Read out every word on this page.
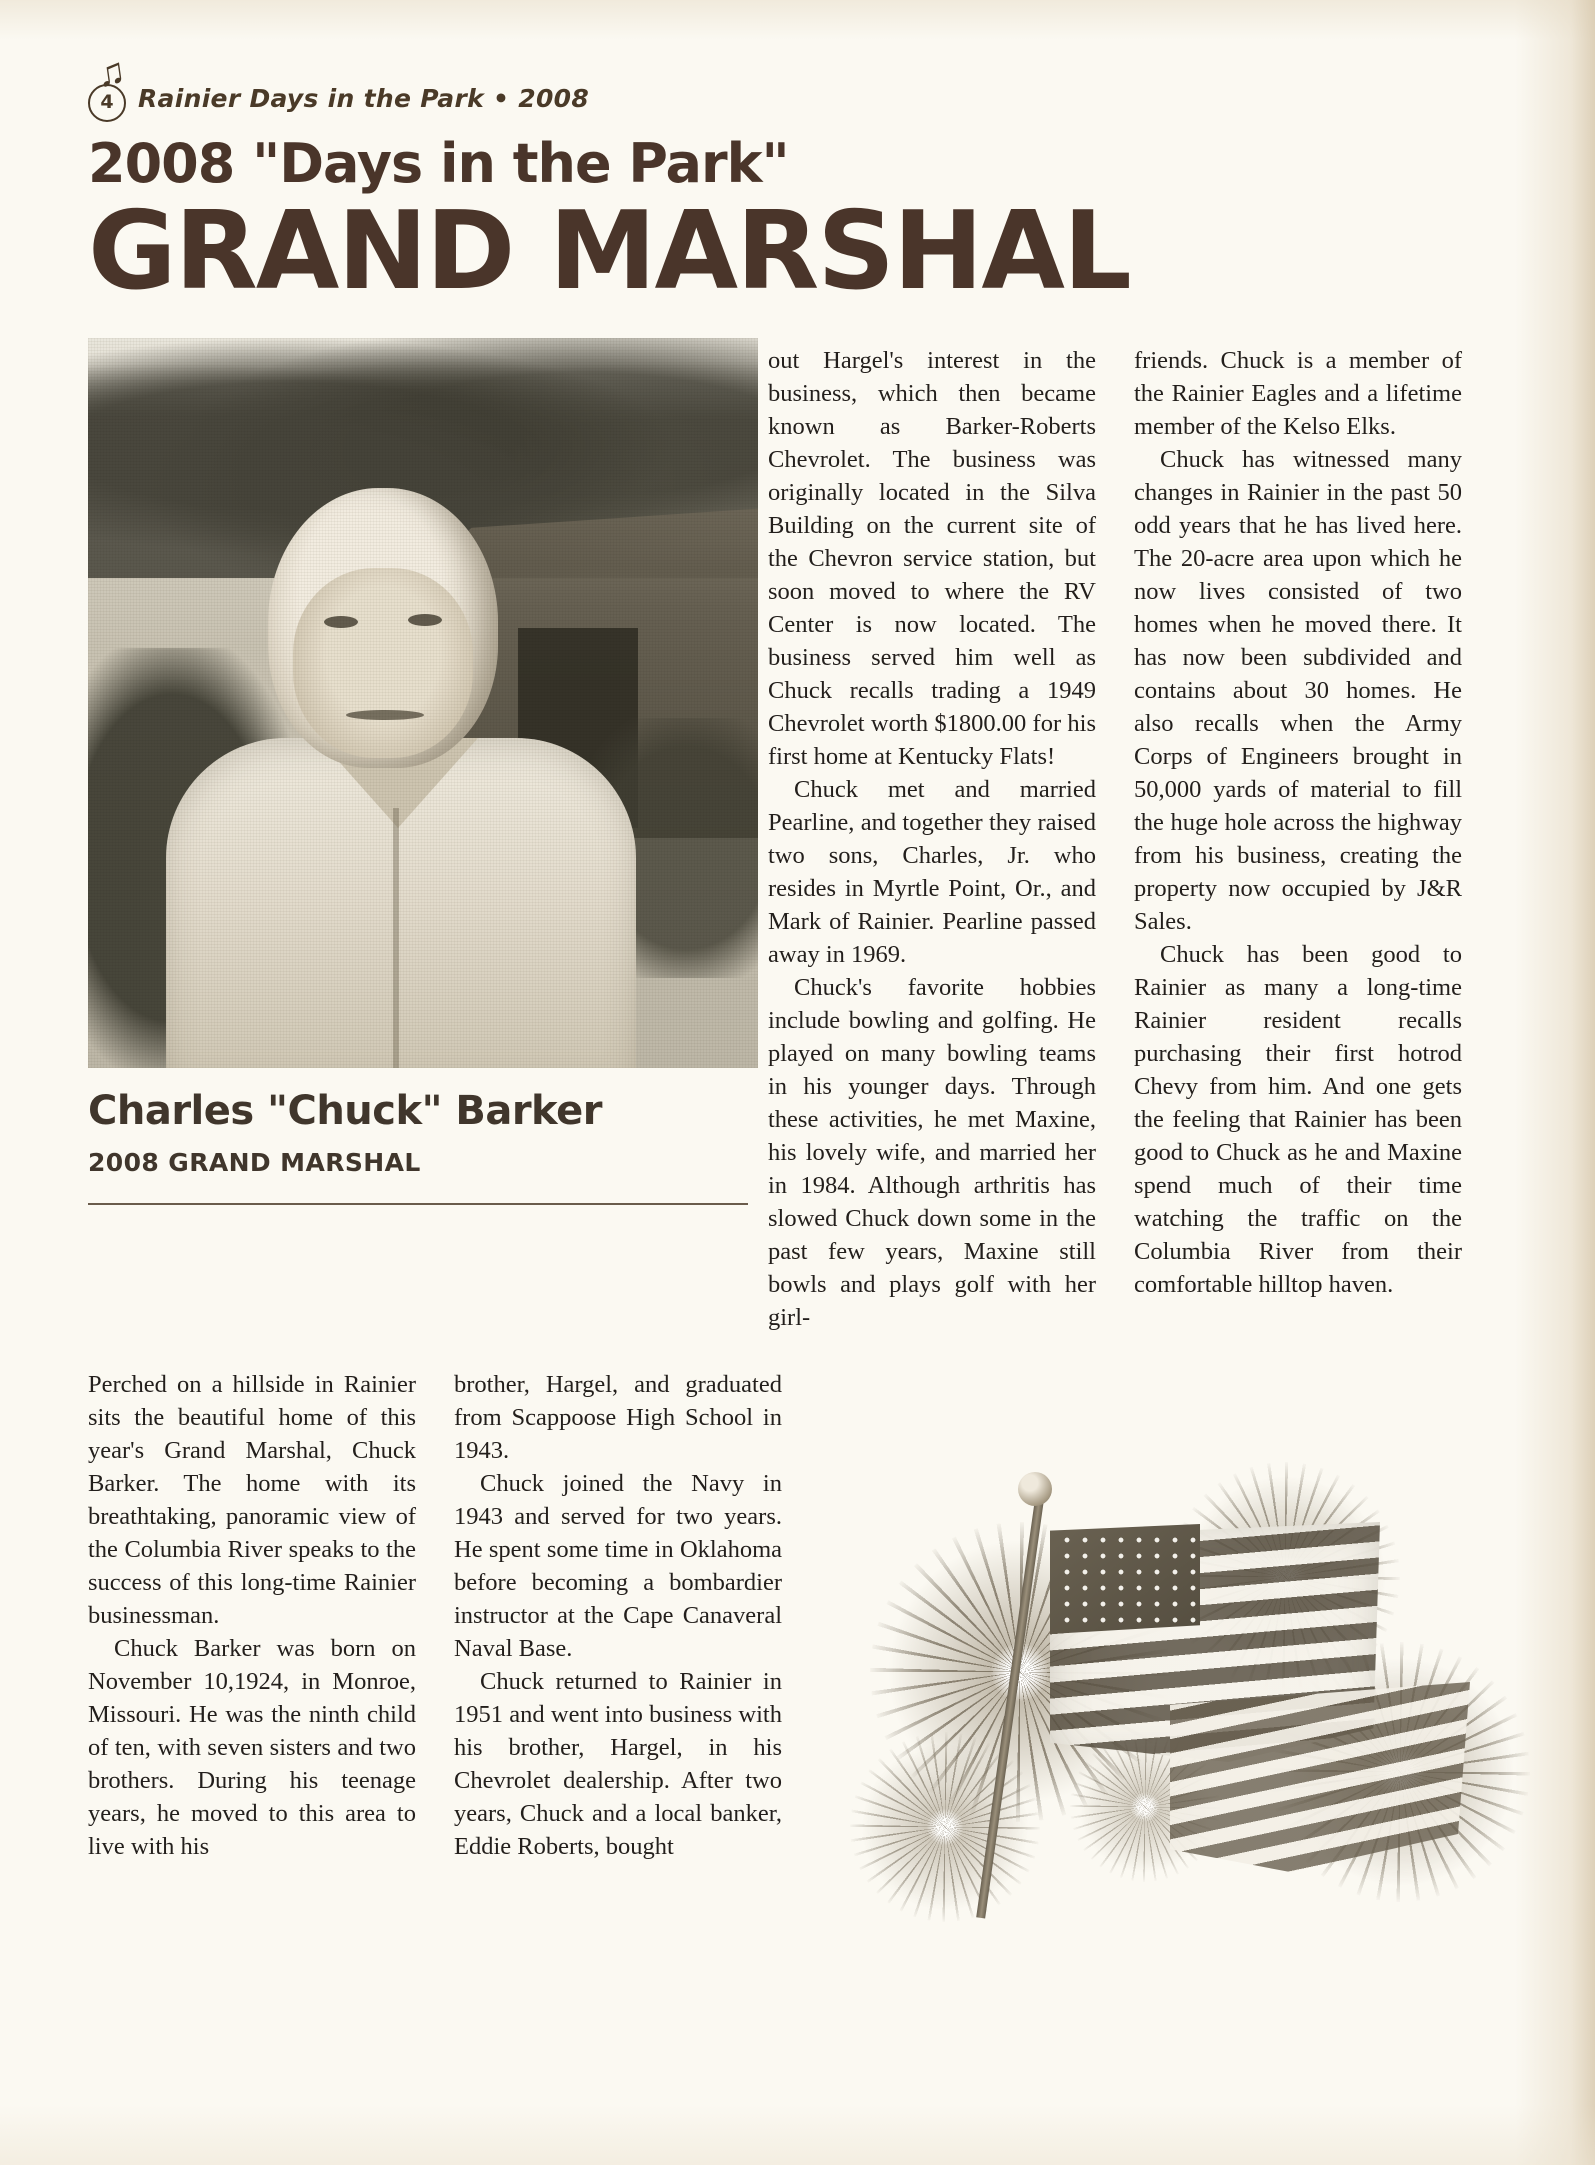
♫
4 Rainier Days in the Park • 2008
2008 "Days in the Park"
GRAND MARSHAL
Charles "Chuck" Barker
2008 GRAND MARSHAL

out Hargel's interest in the business, which then became known as Barker-Roberts Chevrolet. The business was originally located in the Silva Building on the current site of the Chevron service station, but soon moved to where the RV Center is now located. The business served him well as Chuck recalls trading a 1949 Chevrolet worth $1800.00 for his first home at Kentucky Flats!

Chuck met and married Pearline, and together they raised two sons, Charles, Jr. who resides in Myrtle Point, Or., and Mark of Rainier. Pearline passed away in 1969.

Chuck's favorite hobbies include bowling and golfing. He played on many bowling teams in his younger days. Through these activities, he met Maxine, his lovely wife, and married her in 1984. Although arthritis has slowed Chuck down some in the past few years, Maxine still bowls and plays golf with her girl-

friends. Chuck is a member of the Rainier Eagles and a lifetime member of the Kelso Elks.

Chuck has witnessed many changes in Rainier in the past 50 odd years that he has lived here. The 20-acre area upon which he now lives consisted of two homes when he moved there. It has now been subdivided and contains about 30 homes. He also recalls when the Army Corps of Engineers brought in 50,000 yards of material to fill the huge hole across the highway from his business, creating the property now occupied by J&R Sales.

Chuck has been good to Rainier as many a long-time Rainier resident recalls purchasing their first hotrod Chevy from him. And one gets the feeling that Rainier has been good to Chuck as he and Maxine spend much of their time watching the traffic on the Columbia River from their comfortable hilltop haven.

Perched on a hillside in Rainier sits the beautiful home of this year's Grand Marshal, Chuck Barker. The home with its breathtaking, panoramic view of the Columbia River speaks to the success of this long-time Rainier businessman.

Chuck Barker was born on November 10,1924, in Monroe, Missouri. He was the ninth child of ten, with seven sisters and two brothers. During his teenage years, he moved to this area to live with his

brother, Hargel, and graduated from Scappoose High School in 1943.

Chuck joined the Navy in 1943 and served for two years. He spent some time in Oklahoma before becoming a bombardier instructor at the Cape Canaveral Naval Base.

Chuck returned to Rainier in 1951 and went into business with his brother, Hargel, in his Chevrolet dealership. After two years, Chuck and a local banker, Eddie Roberts, bought
